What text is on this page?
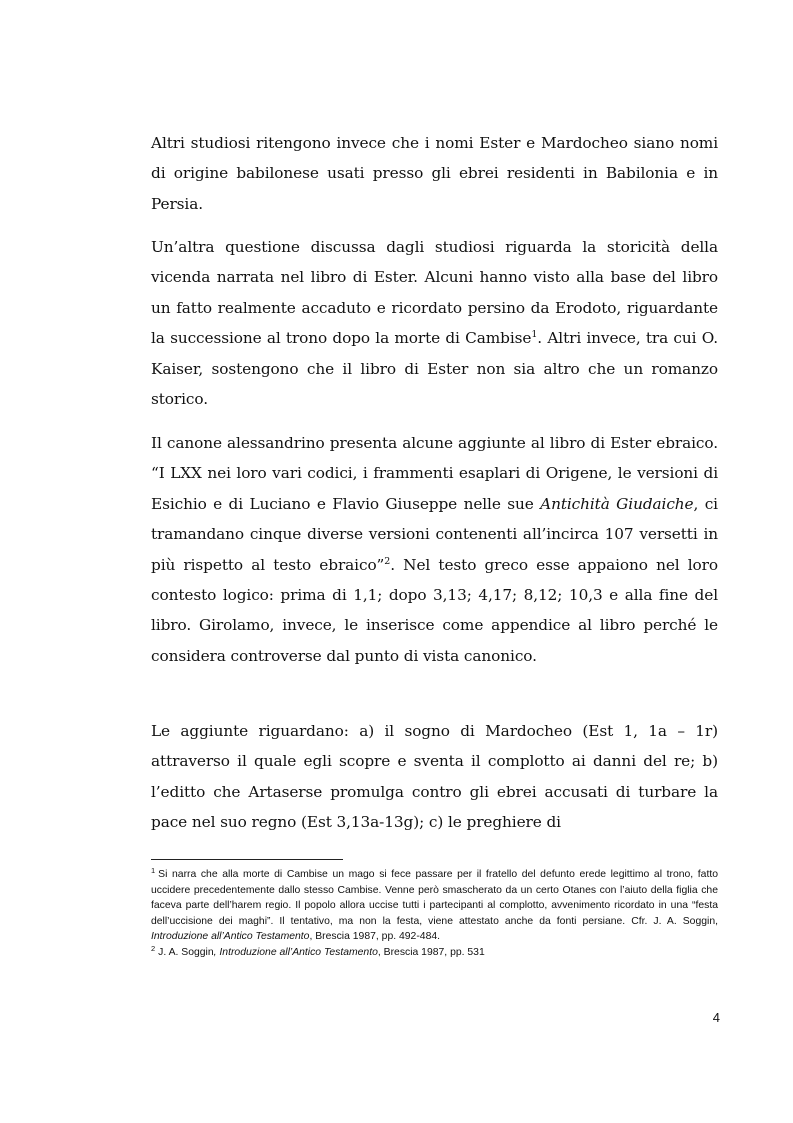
Altri studiosi ritengono invece che i nomi Ester e Mardocheo siano nomi di origine babilonese usati presso gli ebrei residenti in Babilonia e in Persia.

Un’altra questione discussa dagli studiosi riguarda la storicità della vicenda narrata nel libro di Ester. Alcuni hanno visto alla base del libro un fatto realmente accaduto e ricordato persino da Erodoto, riguardante la successione al trono dopo la morte di Cambise$^1$. Altri invece, tra cui O. Kaiser, sostengono che il libro di Ester non sia altro che un romanzo storico.

Il canone alessandrino presenta alcune aggiunte al libro di Ester ebraico. “I LXX nei loro vari codici, i frammenti esaplari di Origene, le versioni di Esichio e di Luciano e Flavio Giuseppe nelle sue Antichità Giudaiche, ci tramandano cinque diverse versioni contenenti all’incirca 107 versetti in più rispetto al testo ebraico”$^2$. Nel testo greco esse appaiono nel loro contesto logico: prima di 1,1; dopo 3,13; 4,17; 8,12; 10,3 e alla fine del libro. Girolamo, invece, le inserisce come appendice al libro perché le considera controverse dal punto di vista canonico.

Le aggiunte riguardano: a) il sogno di Mardocheo (Est 1, 1a – 1r) attraverso il quale egli scopre e sventa il complotto ai danni del re; b) l’editto che Artaserse promulga contro gli ebrei accusati di turbare la pace nel suo regno (Est 3,13a-13g); c) le preghiere di

$^1$ Si narra che alla morte di Cambise un mago si fece passare per il fratello del defunto erede legittimo al trono, fatto uccidere precedentemente dallo stesso Cambise. Venne però smascherato da un certo Otanes con l’aiuto della figlia che faceva parte dell’harem regio. Il popolo allora uccise tutti i partecipanti al complotto, avvenimento ricordato in una “festa dell’uccisione dei maghi”. Il tentativo, ma non la festa, viene attestato anche da fonti persiane. Cfr. J. A. Soggin, Introduzione all’Antico Testamento, Brescia 1987, pp. 492-484.

$^2$ J. A. Soggin, Introduzione all’Antico Testamento, Brescia 1987, pp. 531

4
